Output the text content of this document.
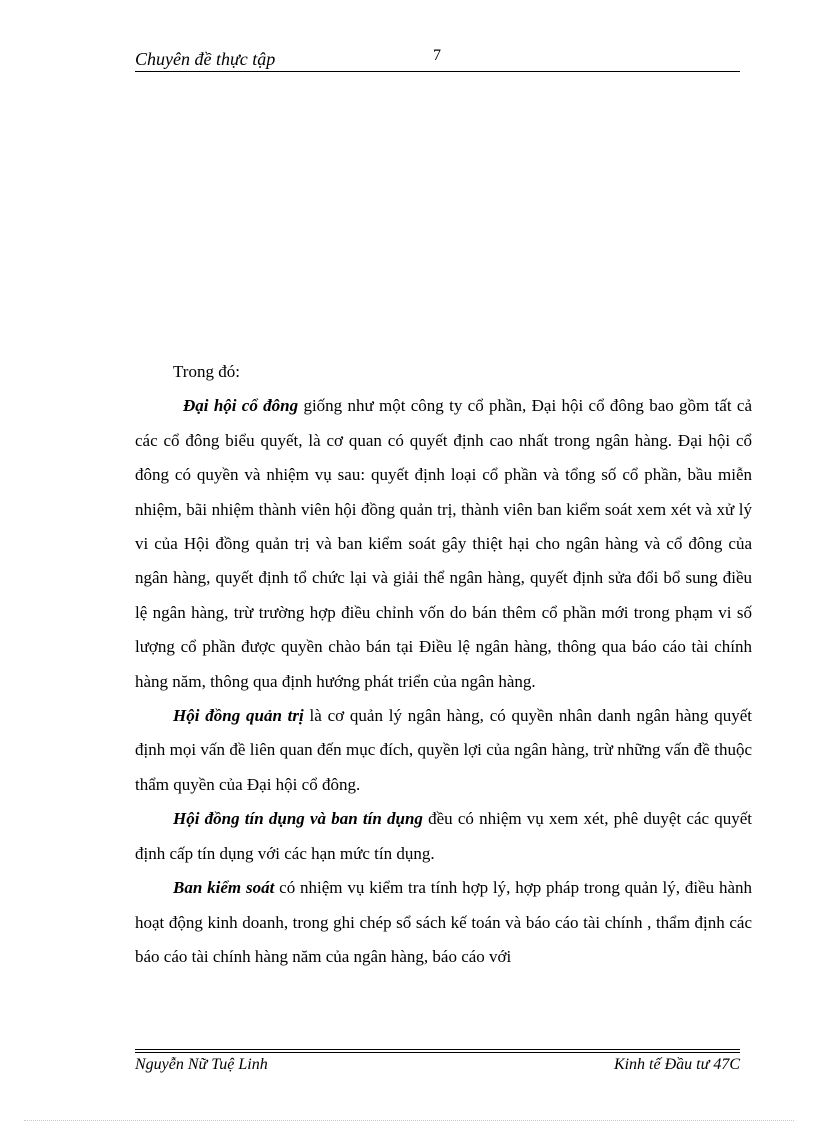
Chuyên đề thực tập	7

Trong đó:

Đại hội cổ đông giống như một công ty cổ phần, Đại hội cổ đông bao gồm tất cả các cổ đông biểu quyết, là cơ quan có quyết định cao nhất trong ngân hàng. Đại hội cổ đông có quyền và nhiệm vụ sau: quyết định loại cổ phần và tổng số cổ phần, bầu miễn nhiệm, bãi nhiệm thành viên hội đồng quản trị, thành viên ban kiểm soát xem xét và xử lý vi của Hội đồng quản trị và ban kiểm soát gây thiệt hại cho ngân hàng và cổ đông của ngân hàng, quyết định tổ chức lại và giải thể ngân hàng, quyết định sửa đổi bổ sung điều lệ ngân hàng, trừ trường hợp điều chỉnh vốn do bán thêm cổ phần mới trong phạm vi số lượng cổ phần được quyền chào bán tại Điều lệ ngân hàng, thông qua báo cáo tài chính hàng năm, thông qua định hướng phát triển của ngân hàng.

Hội đồng quản trị là cơ quản lý ngân hàng, có quyền nhân danh ngân hàng quyết định mọi vấn đề liên quan đến mục đích, quyền lợi của ngân hàng, trừ những vấn đề thuộc thẩm quyền của Đại hội cổ đông.

Hội đồng tín dụng và ban tín dụng đều có nhiệm vụ xem xét, phê duyệt các quyết định cấp tín dụng với các hạn mức tín dụng.

Ban kiểm soát có nhiệm vụ kiểm tra tính hợp lý, hợp pháp trong quản lý, điều hành hoạt động kinh doanh, trong ghi chép sổ sách kế toán và báo cáo tài chính , thẩm định các báo cáo tài chính hàng năm của ngân hàng, báo cáo với

Nguyễn Nữ Tuệ Linh	Kinh tế Đầu tư 47C
